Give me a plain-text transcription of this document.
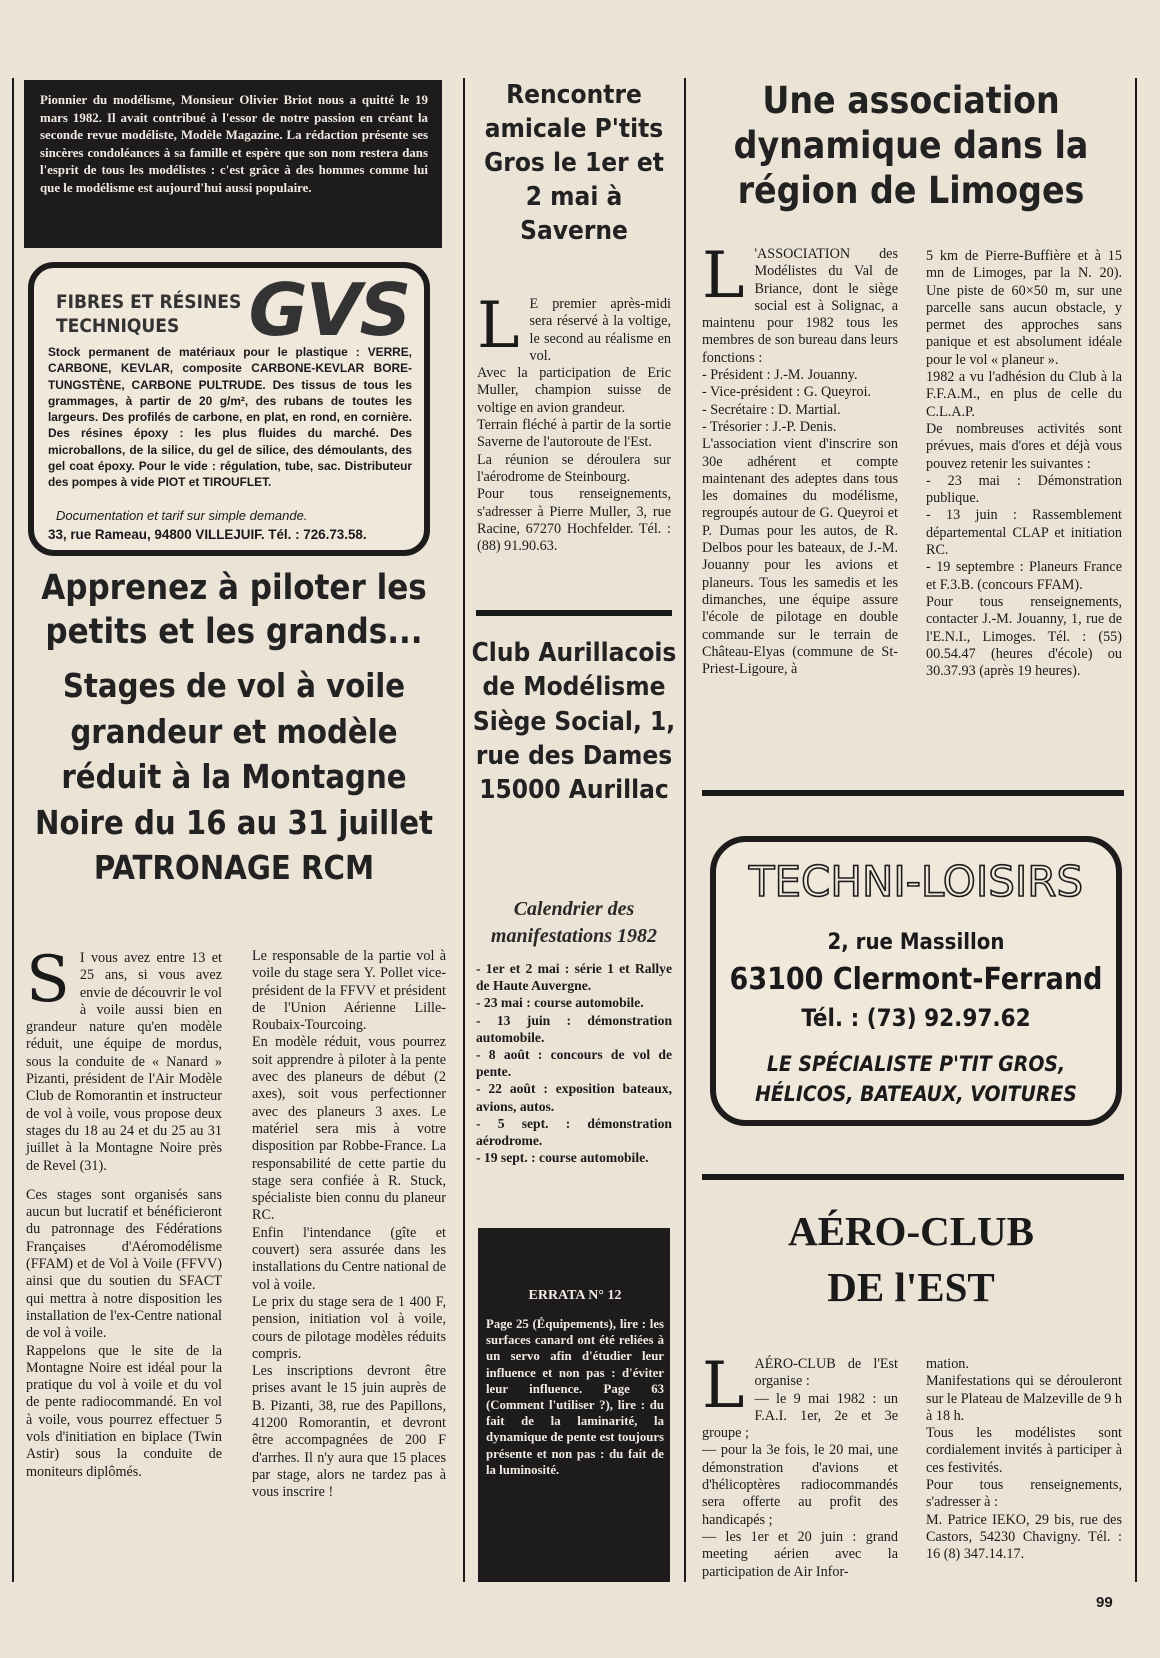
Pionnier du modélisme, Monsieur Olivier Briot nous a quitté le 19 mars 1982. Il avait contribué à l'essor de notre passion en créant la seconde revue modéliste, Modèle Magazine. La rédaction présente ses sincères condoléances à sa famille et espère que son nom restera dans l'esprit de tous les modélistes : c'est grâce à des hommes comme lui que le modélisme est aujourd'hui aussi populaire.
FIBRES ET RÉSINES TECHNIQUES GVS
Stock permanent de matériaux pour le plastique : VERRE, CARBONE, KEVLAR, composite CARBONE-KEVLAR BORE-TUNGSTÈNE, CARBONE PULTRUDE. Des tissus de tous les grammages, à partir de 20 g/m², des rubans de toutes les largeurs. Des profilés de carbone, en plat, en rond, en cornière. Des résines époxy : les plus fluides du marché. Des microballons, de la silice, du gel de silice, des démoulants, des gel coat époxy. Pour le vide : régulation, tube, sac. Distributeur des pompes à vide PIOT et TIROUFLET.
Documentation et tarif sur simple demande.
33, rue Rameau, 94800 VILLEJUIF. Tél. : 726.73.58.
Apprenez à piloter les petits et les grands...
Stages de vol à voile grandeur et modèle réduit à la Montagne Noire du 16 au 31 juillet PATRONAGE RCM
S I vous avez entre 13 et 25 ans, si vous avez envie de découvrir le vol à voile aussi bien en grandeur nature qu'en modèle réduit, une équipe de mordus, sous la conduite de « Nanard » Pizanti, président de l'Air Modèle Club de Romorantin et instructeur de vol à voile, vous propose deux stages du 18 au 24 et du 25 au 31 juillet à la Montagne Noire près de Revel (31).

Ces stages sont organisés sans aucun but lucratif et bénéficieront du patronnage des Fédérations Françaises d'Aéromodélisme (FFAM) et de Vol à Voile (FFVV) ainsi que du soutien du SFACT qui mettra à notre disposition les installation de l'ex-Centre national de vol à voile.

Rappelons que le site de la Montagne Noire est idéal pour la pratique du vol à voile et du vol de pente radiocommandé. En vol à voile, vous pourrez effectuer 5 vols d'initiation en biplace (Twin Astir) sous la conduite de moniteurs diplômés.

Le responsable de la partie vol à voile du stage sera Y. Pollet vice-président de la FFVV et président de l'Union Aérienne Lille-Roubaix-Tourcoing.

En modèle réduit, vous pourrez soit apprendre à piloter à la pente avec des planeurs de début (2 axes), soit vous perfectionner avec des planeurs 3 axes. Le matériel sera mis à votre disposition par Robbe-France. La responsabilité de cette partie du stage sera confiée à R. Stuck, spécialiste bien connu du planeur RC.

Enfin l'intendance (gîte et couvert) sera assurée dans les installations du Centre national de vol à voile.

Le prix du stage sera de 1 400 F, pension, initiation vol à voile, cours de pilotage modèles réduits compris.

Les inscriptions devront être prises avant le 15 juin auprès de B. Pizanti, 38, rue des Papillons, 41200 Romorantin, et devront être accompagnées de 200 F d'arrhes. Il n'y aura que 15 places par stage, alors ne tardez pas à vous inscrire !

Rencontre amicale P'tits Gros le 1er et 2 mai à Saverne
L E premier après-midi sera réservé à la voltige, le second au réalisme en vol.

Avec la participation de Eric Muller, champion suisse de voltige en avion grandeur.

Terrain fléché à partir de la sortie Saverne de l'autoroute de l'Est.

La réunion se déroulera sur l'aérodrome de Steinbourg.

Pour tous renseignements, s'adresser à Pierre Muller, 3, rue Racine, 67270 Hochfelder. Tél. : (88) 91.90.63.

Club Aurillacois de Modélisme Siège Social, 1, rue des Dames 15000 Aurillac
Calendrier des manifestations 1982
- 1er et 2 mai : série 1 et Rallye de Haute Auvergne.
- 23 mai : course automobile.
- 13 juin : démonstration automobile.
- 8 août : concours de vol de pente.
- 22 août : exposition bateaux, avions, autos.
- 5 sept. : démonstration aérodrome.
- 19 sept. : course automobile.
ERRATA N° 12
Page 25 (Équipements), lire : les surfaces canard ont été reliées à un servo afin d'étudier leur influence et non pas : d'éviter leur influence. Page 63 (Comment l'utiliser ?), lire : du fait de la laminarité, la dynamique de pente est toujours présente et non pas : du fait de la luminosité.
Une association dynamique dans la région de Limoges
L 'ASSOCIATION des Modélistes du Val de Briance, dont le siège social est à Solignac, a maintenu pour 1982 tous les membres de son bureau dans leurs fonctions :

- Président : J.-M. Jouanny.
- Vice-président : G. Queyroi.
- Secrétaire : D. Martial.
- Trésorier : J.-P. Denis.

L'association vient d'inscrire son 30e adhérent et compte maintenant des adeptes dans tous les domaines du modélisme, regroupés autour de G. Queyroi et P. Dumas pour les autos, de R. Delbos pour les bateaux, de J.-M. Jouanny pour les avions et planeurs. Tous les samedis et les dimanches, une équipe assure l'école de pilotage en double commande sur le terrain de Château-Elyas (commune de St-Priest-Ligoure, à

5 km de Pierre-Buffière et à 15 mn de Limoges, par la N. 20). Une piste de 60×50 m, sur une parcelle sans aucun obstacle, y permet des approches sans panique et est absolument idéale pour le vol « planeur ».

1982 a vu l'adhésion du Club à la F.F.A.M., en plus de celle du C.L.A.P.

De nombreuses activités sont prévues, mais d'ores et déjà vous pouvez retenir les suivantes :

- 23 mai : Démonstration publique.
- 13 juin : Rassemblement départemental CLAP et initiation RC.
- 19 septembre : Planeurs France et F.3.B. (concours FFAM).

Pour tous renseignements, contacter J.-M. Jouanny, 1, rue de l'E.N.I., Limoges. Tél. : (55) 00.54.47 (heures d'école) ou 30.37.93 (après 19 heures).

TECHNI-LOISIRS
2, rue Massillon
63100 Clermont-Ferrand
Tél. : (73) 92.97.62
LE SPÉCIALISTE P'TIT GROS,
HÉLICOS, BATEAUX, VOITURES
AÉRO-CLUB
DE l'EST
L AÉRO-CLUB de l'Est organise :

— le 9 mai 1982 : un F.A.I. 1er, 2e et 3e groupe ;
— pour la 3e fois, le 20 mai, une démonstration d'avions et d'hélicoptères radiocommandés sera offerte au profit des handicapés ;
— les 1er et 20 juin : grand meeting aérien avec la participation de Air Infor-

mation.

Manifestations qui se dérouleront sur le Plateau de Malzeville de 9 h à 18 h.

Tous les modélistes sont cordialement invités à participer à ces festivités.

Pour tous renseignements, s'adresser à :

M. Patrice IEKO, 29 bis, rue des Castors, 54230 Chavigny. Tél. : 16 (8) 347.14.17.

99
